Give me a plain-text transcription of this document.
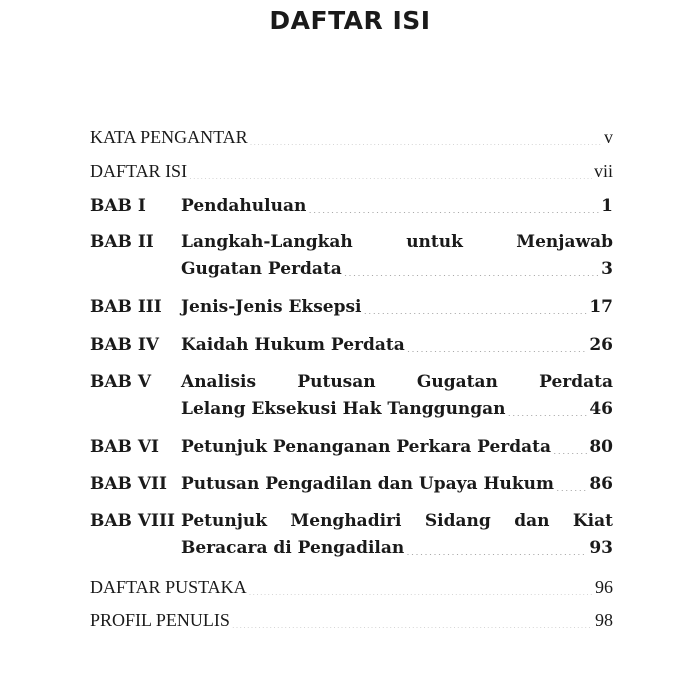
DAFTAR ISI
KATA PENGANTAR .....	v
DAFTAR ISI .....	vii
BAB I Pendahuluan .....	1
BAB II Langkah-Langkah untuk Menjawab
Gugatan Perdata .....	3
BAB III Jenis-Jenis Eksepsi .....	17
BAB IV Kaidah Hukum Perdata .....	26
BAB V Analisis Putusan Gugatan Perdata
Lelang Eksekusi Hak Tanggungan .....	46
BAB VI Petunjuk Penanganan Perkara Perdata ..... 80
BAB VII Putusan Pengadilan dan Upaya Hukum ..... 86
BAB VIII Petunjuk Menghadiri Sidang dan Kiat
Beracara di Pengadilan .....	93
DAFTAR PUSTAKA .....	96
PROFIL PENULIS .....	98
